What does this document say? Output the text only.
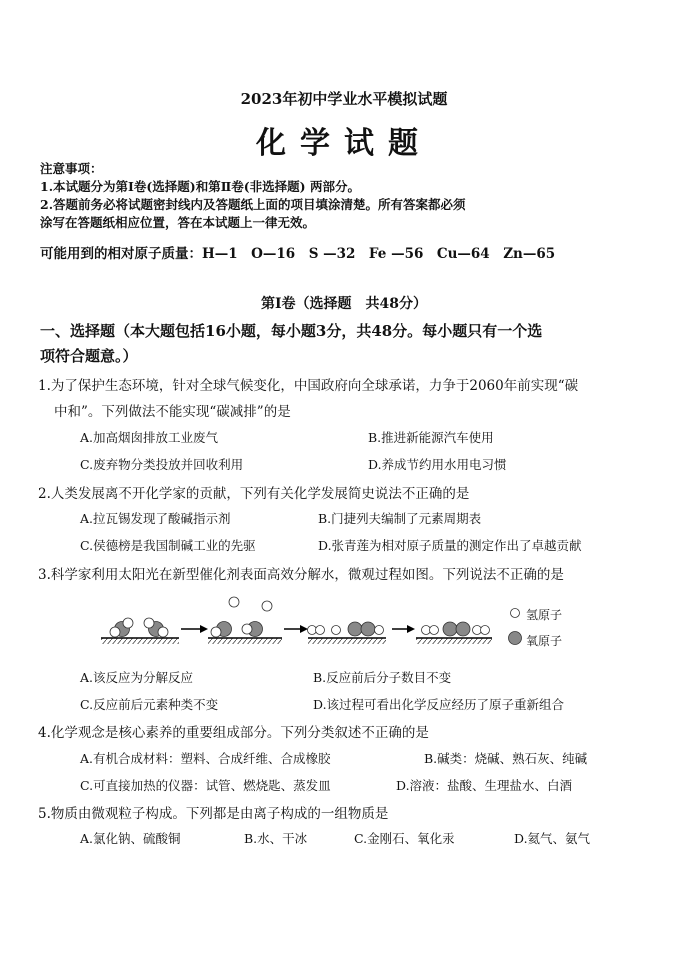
2023年初中学业水平模拟试题
化学试题
注意事项：
1.本试题分为第Ⅰ卷(选择题)和第Ⅱ卷(非选择题) 两部分。
2.答题前务必将试题密封线内及答题纸上面的项目填涂清楚。所有答案都必须
涂写在答题纸相应位置，答在本试题上一律无效。
可能用到的相对原子质量：H—1　O—16　S —32　Fe —56　Cu—64　Zn—65
第Ⅰ卷（选择题　共48分）
一、选择题（本大题包括16小题，每小题3分，共48分。每小题只有一个选
项符合题意。）
1.为了保护生态环境，针对全球气候变化，中国政府向全球承诺，力争于2060年前实现“碳
中和”。下列做法不能实现“碳减排”的是
A.加高烟囱排放工业废气	B.推进新能源汽车使用
C.废弃物分类投放并回收利用	D.养成节约用水用电习惯
2.人类发展离不开化学家的贡献，下列有关化学发展简史说法不正确的是
A.拉瓦锡发现了酸碱指示剂	B.门捷列夫编制了元素周期表
C.侯德榜是我国制碱工业的先驱	D.张青莲为相对原子质量的测定作出了卓越贡献
3.科学家利用太阳光在新型催化剂表面高效分解水，微观过程如图。下列说法不正确的是
氢原子
氧原子
A.该反应为分解反应	B.反应前后分子数目不变
C.反应前后元素种类不变	D.该过程可看出化学反应经历了原子重新组合
4.化学观念是核心素养的重要组成部分。下列分类叙述不正确的是
A.有机合成材料：塑料、合成纤维、合成橡胶	B.碱类：烧碱、熟石灰、纯碱
C.可直接加热的仪器：试管、燃烧匙、蒸发皿	D.溶液：盐酸、生理盐水、白酒
5.物质由微观粒子构成。下列都是由离子构成的一组物质是
A.氯化钠、硫酸铜	B.水、干冰	C.金刚石、氧化汞	D.氦气、氨气
